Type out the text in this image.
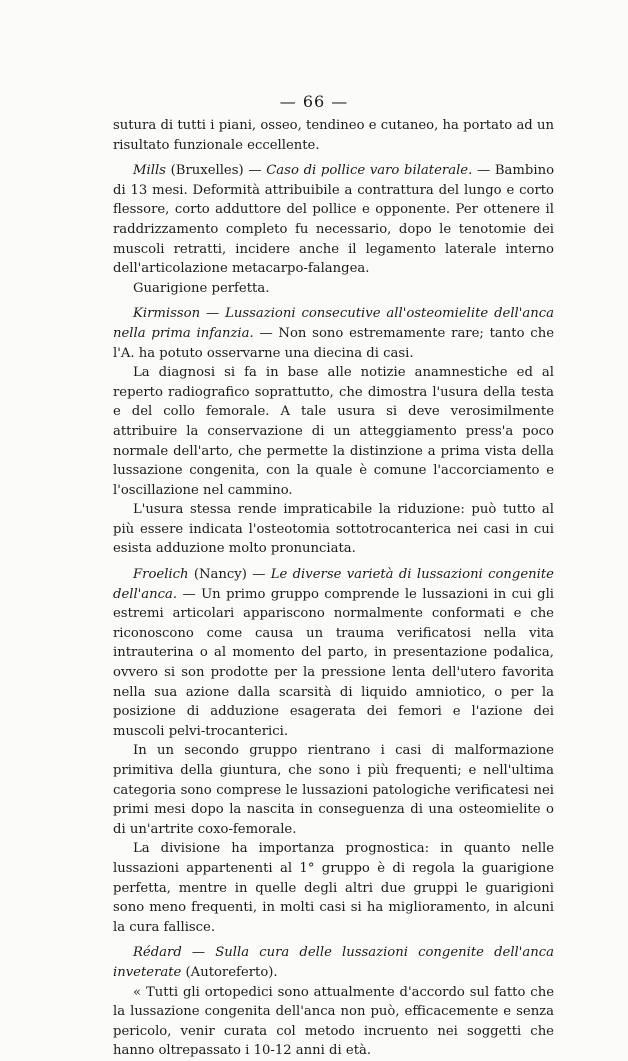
— 66 —

sutura di tutti i piani, osseo, tendineo e cutaneo, ha portato ad un risultato funzionale eccellente.

Mills (Bruxelles) — Caso di pollice varo bilaterale. — Bambino di 13 mesi. Deformità attribuibile a contrattura del lungo e corto flessore, corto adduttore del pollice e opponente. Per ottenere il raddrizzamento completo fu necessario, dopo le tenotomie dei muscoli retratti, incidere anche il legamento laterale interno dell'articolazione metacarpo-falangea.

Guarigione perfetta.

Kirmisson — Lussazioni consecutive all'osteomielite dell'anca nella prima infanzia. — Non sono estremamente rare; tanto che l'A. ha potuto osservarne una diecina di casi.

La diagnosi si fa in base alle notizie anamnestiche ed al reperto radiografico soprattutto, che dimostra l'usura della testa e del collo femorale. A tale usura si deve verosimilmente attribuire la conservazione di un atteggiamento press'a poco normale dell'arto, che permette la distinzione a prima vista della lussazione congenita, con la quale è comune l'accorciamento e l'oscillazione nel cammino.

L'usura stessa rende impraticabile la riduzione: può tutto al più essere indicata l'osteotomia sottotrocanterica nei casi in cui esista adduzione molto pronunciata.

Froelich (Nancy) — Le diverse varietà di lussazioni congenite dell'anca. — Un primo gruppo comprende le lussazioni in cui gli estremi articolari appariscono normalmente conformati e che riconoscono come causa un trauma verificatosi nella vita intrauterina o al momento del parto, in presentazione podalica, ovvero si son prodotte per la pressione lenta dell'utero favorita nella sua azione dalla scarsità di liquido amniotico, o per la posizione di adduzione esagerata dei femori e l'azione dei muscoli pelvi-trocanterici.

In un secondo gruppo rientrano i casi di malformazione primitiva della giuntura, che sono i più frequenti; e nell'ultima categoria sono comprese le lussazioni patologiche verificatesi nei primi mesi dopo la nascita in conseguenza di una osteomielite o di un'artrite coxo-femorale.

La divisione ha importanza prognostica: in quanto nelle lussazioni appartenenti al 1° gruppo è di regola la guarigione perfetta, mentre in quelle degli altri due gruppi le guarigioni sono meno frequenti, in molti casi si ha miglioramento, in alcuni la cura fallisce.

Rédard — Sulla cura delle lussazioni congenite dell'anca inveterate (Autoreferto).

« Tutti gli ortopedici sono attualmente d'accordo sul fatto che la lussazione congenita dell'anca non può, efficacemente e senza pericolo, venir curata col metodo incruento nei soggetti che hanno oltrepassato i 10-12 anni di età.
